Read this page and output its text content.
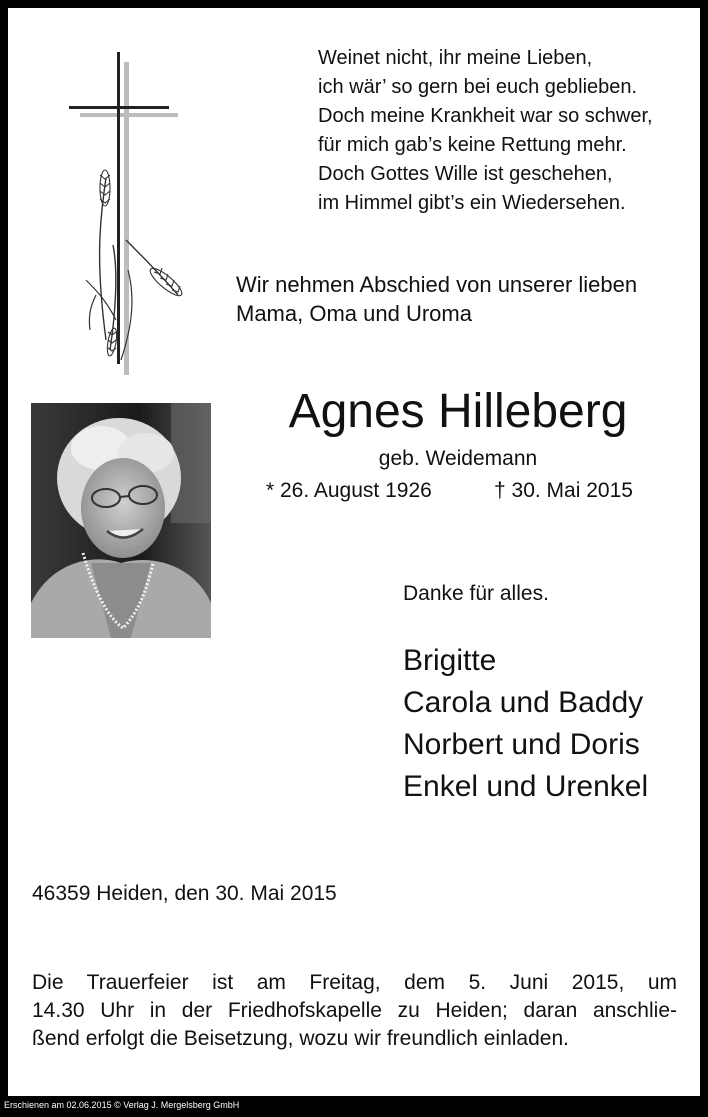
Weinet nicht, ihr meine Lieben,
ich wär’ so gern bei euch geblieben.
Doch meine Krankheit war so schwer,
für mich gab’s keine Rettung mehr.
Doch Gottes Wille ist geschehen,
im Himmel gibt’s ein Wiedersehen.
Wir nehmen Abschied von unserer lieben
Mama, Oma und Uroma
Agnes Hilleberg
geb. Weidemann
* 26. August 1926	† 30. Mai 2015
Danke für alles.
Brigitte
Carola und Baddy
Norbert und Doris
Enkel und Urenkel
46359 Heiden, den 30. Mai 2015
Die Trauerfeier ist am Freitag, dem 5. Juni 2015, um
14.30 Uhr in der Friedhofskapelle zu Heiden; daran anschlie-
ßend erfolgt die Beisetzung, wozu wir freundlich einladen.
Erschienen am 02.06.2015 © Verlag J. Mergelsberg GmbH
